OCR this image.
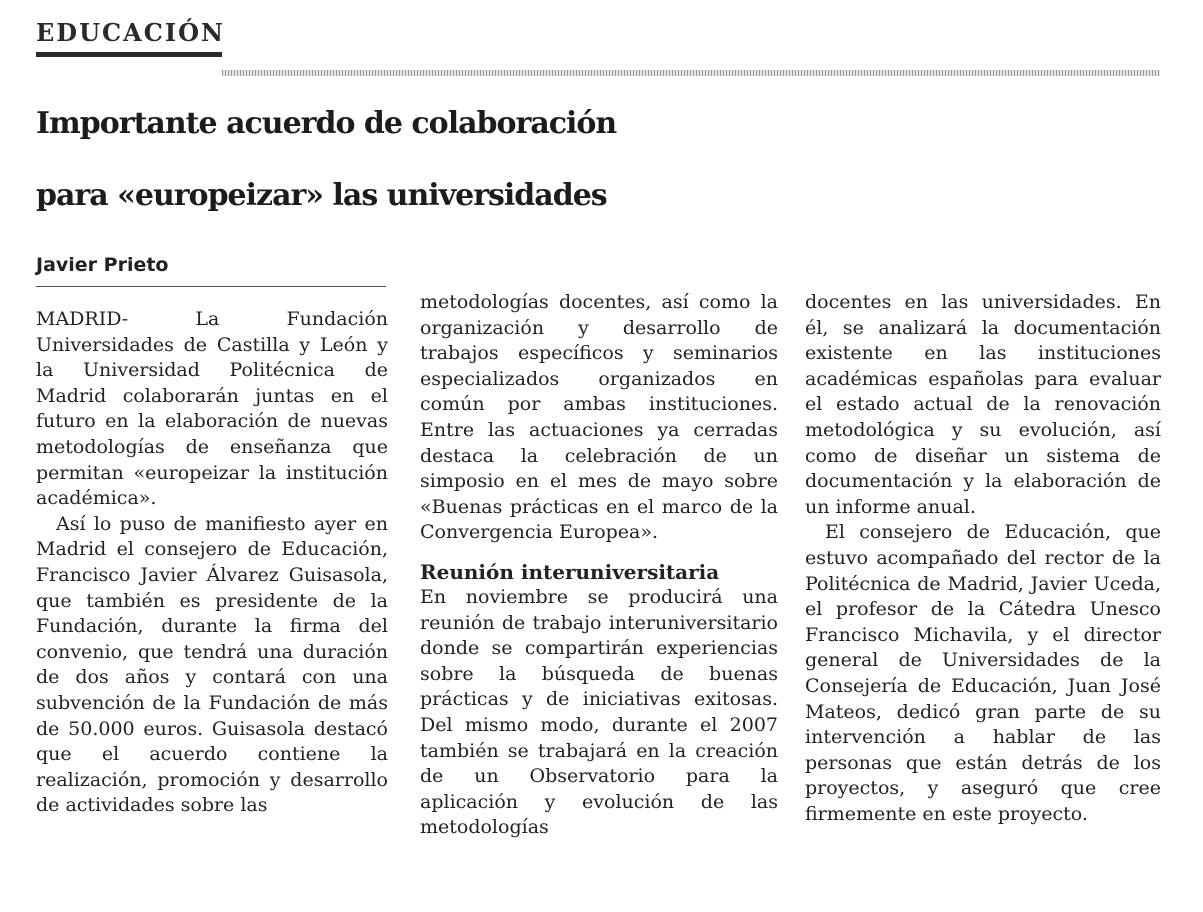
EDUCACIÓN
Importante acuerdo de colaboración
para «europeizar» las universidades
Javier Prieto

MADRID- La Fundación Universidades de Castilla y León y la Universidad Politécnica de Madrid colaborarán juntas en el futuro en la elaboración de nuevas metodologías de enseñanza que permitan «europeizar la institución académica».

Así lo puso de manifiesto ayer en Madrid el consejero de Educación, Francisco Javier Álvarez Guisasola, que también es presidente de la Fundación, durante la firma del convenio, que tendrá una duración de dos años y contará con una subvención de la Fundación de más de 50.000 euros. Guisasola destacó que el acuerdo contiene la realización, promoción y desarrollo de actividades sobre las

metodologías docentes, así como la organización y desarrollo de trabajos específicos y seminarios especializados organizados en común por ambas instituciones. Entre las actuaciones ya cerradas destaca la celebración de un simposio en el mes de mayo sobre «Buenas prácticas en el marco de la Convergencia Europea».

Reunión interuniversitaria

En noviembre se producirá una reunión de trabajo interuniversitario donde se compartirán experiencias sobre la búsqueda de buenas prácticas y de iniciativas exitosas. Del mismo modo, durante el 2007 también se trabajará en la creación de un Observatorio para la aplicación y evolución de las metodologías

docentes en las universidades. En él, se analizará la documentación existente en las instituciones académicas españolas para evaluar el estado actual de la renovación metodológica y su evolución, así como de diseñar un sistema de documentación y la elaboración de un informe anual.

El consejero de Educación, que estuvo acompañado del rector de la Politécnica de Madrid, Javier Uceda, el profesor de la Cátedra Unesco Francisco Michavila, y el director general de Universidades de la Consejería de Educación, Juan José Mateos, dedicó gran parte de su intervención a hablar de las personas que están detrás de los proyectos, y aseguró que cree firmemente en este proyecto.
